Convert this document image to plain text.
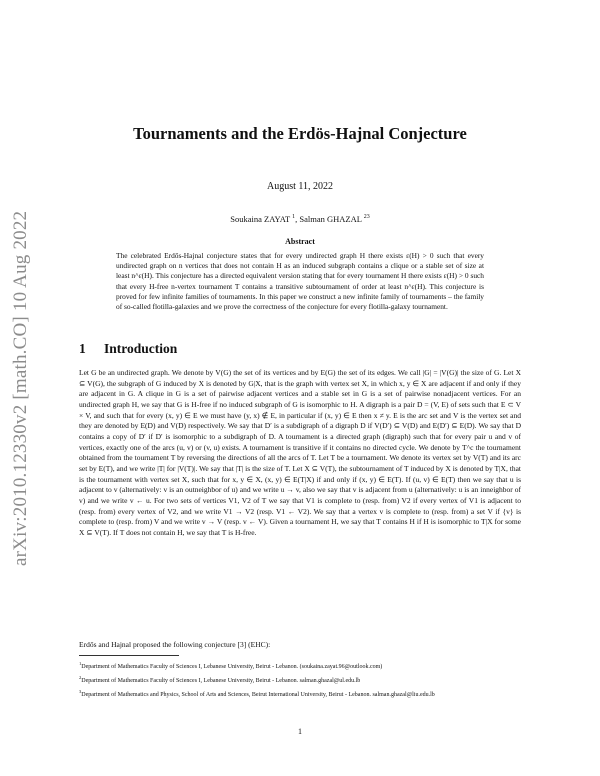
arXiv:2010.12330v2 [math.CO] 10 Aug 2022
Tournaments and the Erdös-Hajnal Conjecture
August 11, 2022
Soukaina ZAYAT $^1$, Salman GHAZAL $^{23}$
Abstract

The celebrated Erdős-Hajnal conjecture states that for every undirected graph H there exists ε(H) > 0 such that every undirected graph on n vertices that does not contain H as an induced subgraph contains a clique or a stable set of size at least n^ε(H). This conjecture has a directed equivalent version stating that for every tournament H there exists ε(H) > 0 such that every H-free n-vertex tournament T contains a transitive subtournament of order at least n^ε(H). This conjecture is proved for few infinite families of tournaments. In this paper we construct a new infinite family of tournaments – the family of so-called flotilla-galaxies and we prove the correctness of the conjecture for every flotilla-galaxy tournament.

1 Introduction

Let G be an undirected graph. We denote by V(G) the set of its vertices and by E(G) the set of its edges. We call |G| = |V(G)| the size of G. Let X ⊆ V(G), the subgraph of G induced by X is denoted by G|X, that is the graph with vertex set X, in which x, y ∈ X are adjacent if and only if they are adjacent in G. A clique in G is a set of pairwise adjacent vertices and a stable set in G is a set of pairwise nonadjacent vertices. For an undirected graph H, we say that G is H-free if no induced subgraph of G is isomorphic to H. A digraph is a pair D = (V, E) of sets such that E ⊂ V × V, and such that for every (x, y) ∈ E we must have (y, x) ∉ E, in particular if (x, y) ∈ E then x ≠ y. E is the arc set and V is the vertex set and they are denoted by E(D) and V(D) respectively. We say that D′ is a subdigraph of a digraph D if V(D′) ⊆ V(D) and E(D′) ⊆ E(D). We say that D contains a copy of D′ if D′ is isomorphic to a subdigraph of D. A tournament is a directed graph (digraph) such that for every pair u and v of vertices, exactly one of the arcs (u, v) or (v, u) exists. A tournament is transitive if it contains no directed cycle. We denote by T^c the tournament obtained from the tournament T by reversing the directions of all the arcs of T. Let T be a tournament. We denote its vertex set by V(T) and its arc set by E(T), and we write |T| for |V(T)|. We say that |T| is the size of T. Let X ⊆ V(T), the subtournament of T induced by X is denoted by T|X, that is the tournament with vertex set X, such that for x, y ∈ X, (x, y) ∈ E(T|X) if and only if (x, y) ∈ E(T). If (u, v) ∈ E(T) then we say that u is adjacent to v (alternatively: v is an outneighbor of u) and we write u → v, also we say that v is adjacent from u (alternatively: u is an inneighbor of v) and we write v ← u. For two sets of vertices V1, V2 of T we say that V1 is complete to (resp. from) V2 if every vertex of V1 is adjacent to (resp. from) every vertex of V2, and we write V1 → V2 (resp. V1 ← V2). We say that a vertex v is complete to (resp. from) a set V if {v} is complete to (resp. from) V and we write v → V (resp. v ← V). Given a tournament H, we say that T contains H if H is isomorphic to T|X for some X ⊆ V(T). If T does not contain H, we say that T is H-free.

Erdős and Hajnal proposed the following conjecture [3] (EHC):

$^1$Department of Mathematics Faculty of Sciences I, Lebanese University, Beirut - Lebanon. (soukaina.zayat.96@outlook.com)

$^2$Department of Mathematics Faculty of Sciences I, Lebanese University, Beirut - Lebanon. salman.ghazal@ul.edu.lb

$^3$Department of Mathematics and Physics, School of Arts and Sciences, Beirut International University, Beirut - Lebanon. salman.ghazal@liu.edu.lb

1
